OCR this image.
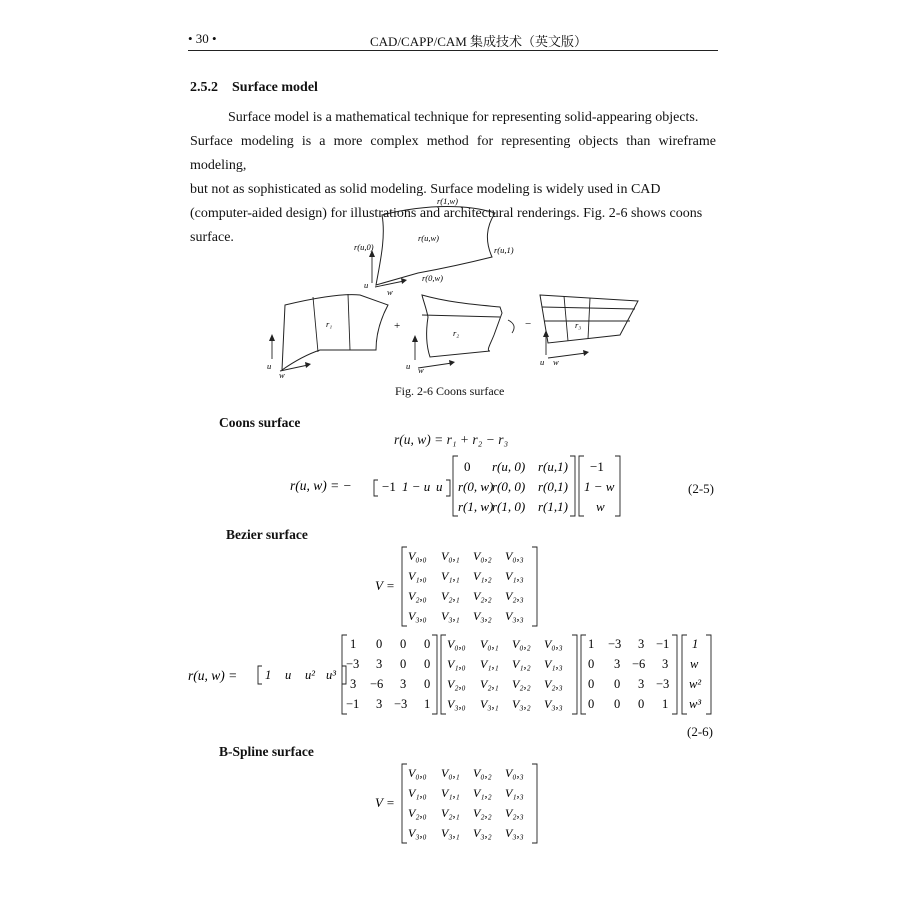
• 30 •	CAD/CAPP/CAM 集成技术（英文版）
2.5.2 Surface model
Surface model is a mathematical technique for representing solid-appearing objects.
Surface modeling is a more complex method for representing objects than wireframe modeling,
but not as sophisticated as solid modeling. Surface modeling is widely used in CAD
(computer-aided design) for illustrations and architectural renderings. Fig. 2-6 shows coons surface.
r(1,w)
r(u,0)
r(u,w)
r(u,1)
r(0,w)
u
w
r₁
u
w
+
r₂
u w
−	r₃
u w
Fig. 2-6 Coons surface
Coons surface
r(u, w) = r₁ + r₂ − r₃
r(u, w) = − −1 1 − u u
0 r(u, 0) r(u,1)
r(0, w)
r(0, 0) r(0,1)
r(1, w)
r(1, 0) r(1,1)
−1
1 − w
w
(2-5)
Bezier surface
V =
V₀,₀ V₀,₁ V₀,₂ V₀,₃
V₁,₀ V₁,₁ V₁,₂ V₁,₃
V₂,₀ V₂,₁ V₂,₂ V₂,₃
V₃,₀ V₃,₁ V₃,₂ V₃,₃
r(u, w) = 1 u u² u³
1 0 0 0
−3 3 0 0
3 −6 3 0
−1 3 −3 1
V₀,₀ V₀,₁ V₀,₂ V₀,₃
V₁,₀ V₁,₁ V₁,₂ V₁,₃
V₂,₀ V₂,₁ V₂,₂ V₂,₃
V₃,₀ V₃,₁ V₃,₂ V₃,₃
1 −3 3 −1
0 3 −6 3
0 0 3 −3
0 0 0 1
1
w
w²
w³
(2-6)
B-Spline surface
V =
V₀,₀ V₀,₁ V₀,₂ V₀,₃
V₁,₀ V₁,₁ V₁,₂ V₁,₃
V₂,₀ V₂,₁ V₂,₂ V₂,₃
V₃,₀ V₃,₁ V₃,₂ V₃,₃
